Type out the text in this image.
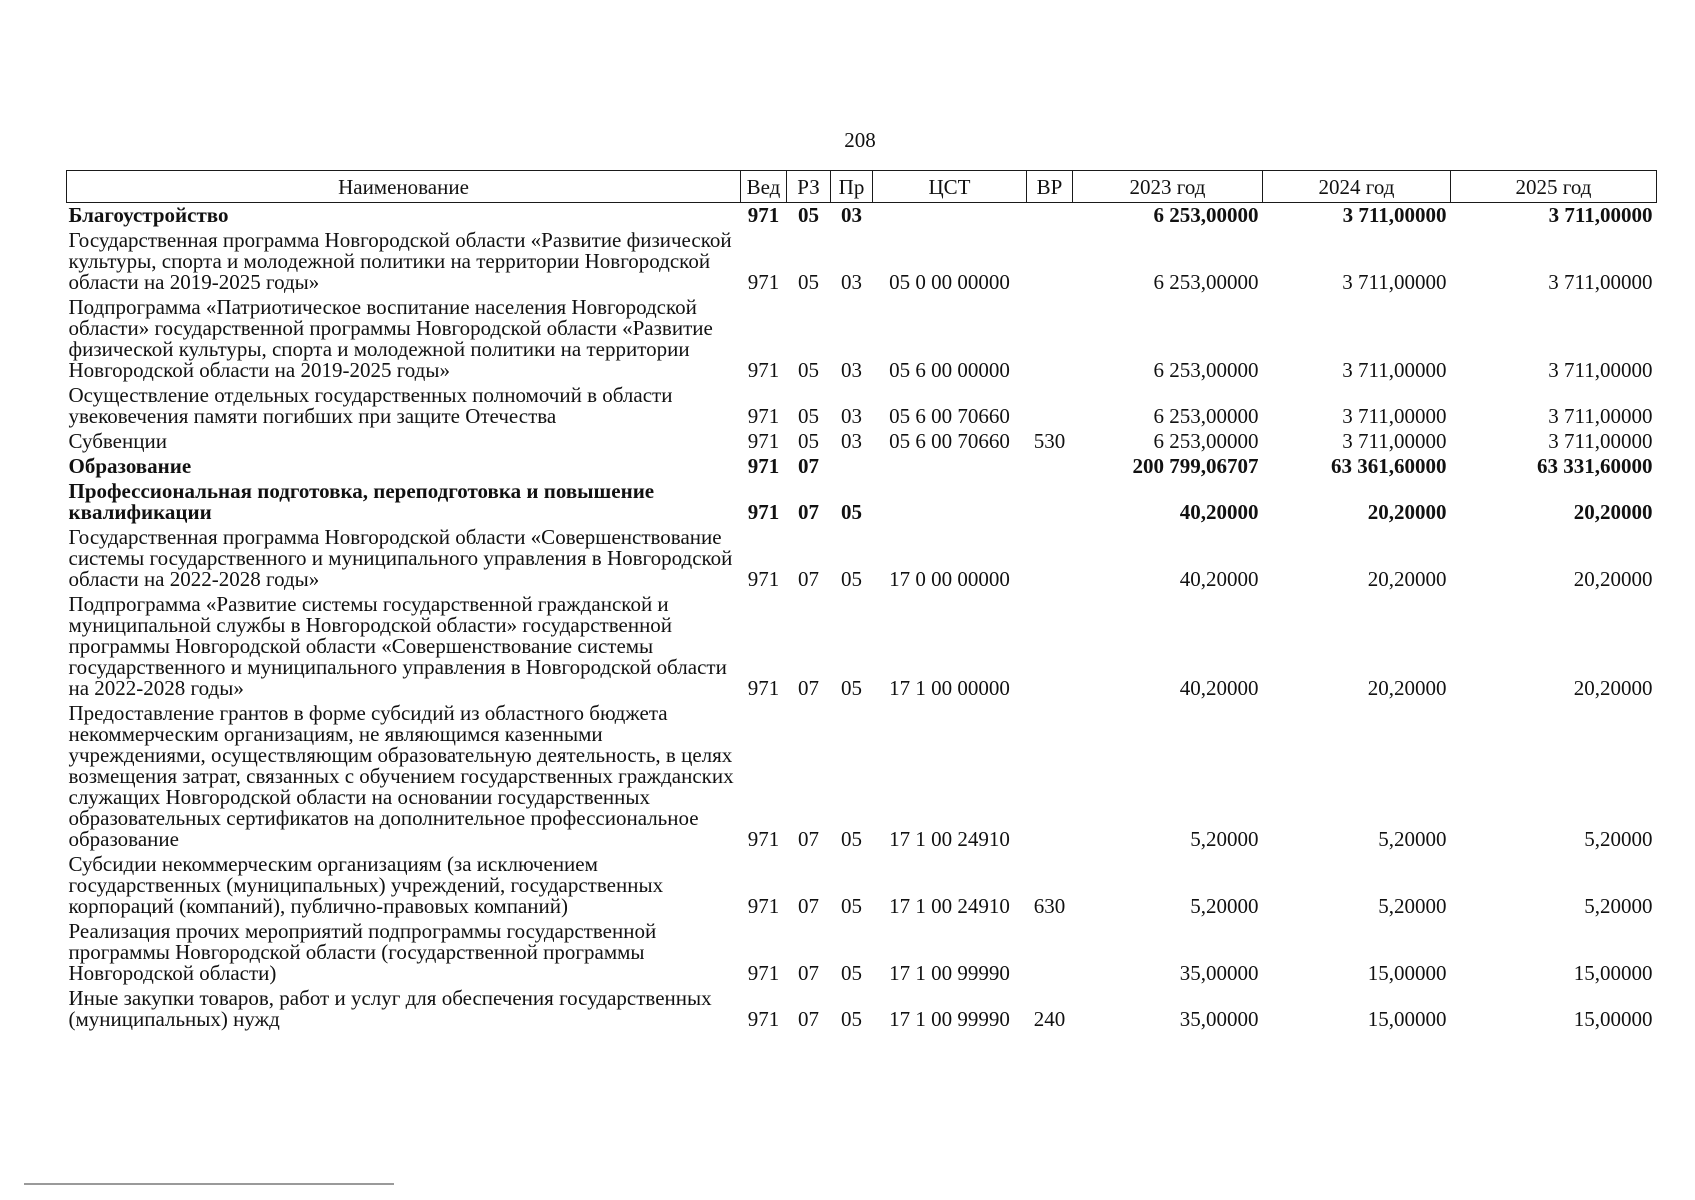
208
Наименование	Вед	РЗ	Пр	ЦСТ	ВР	2023 год	2024 год	2025 год
Благоустройство	971	05	03			6 253,00000	3 711,00000	3 711,00000
Государственная программа Новгородской области «Развитие физической культуры, спорта и молодежной политики на территории Новгородской области на 2019-2025 годы»	971	05	03	05 0 00 00000		6 253,00000	3 711,00000	3 711,00000
Подпрограмма «Патриотическое воспитание населения Новгородской области» государственной программы Новгородской области «Развитие физической культуры, спорта и молодежной политики на территории Новгородской области на 2019-2025 годы»	971	05	03	05 6 00 00000		6 253,00000	3 711,00000	3 711,00000
Осуществление отдельных государственных полномочий в области увековечения памяти погибших при защите Отечества	971	05	03	05 6 00 70660		6 253,00000	3 711,00000	3 711,00000
Субвенции	971	05	03	05 6 00 70660	530	6 253,00000	3 711,00000	3 711,00000
Образование	971	07				200 799,06707	63 361,60000	63 331,60000
Профессиональная подготовка, переподготовка и повышение квалификации	971	07	05			40,20000	20,20000	20,20000
Государственная программа Новгородской области «Совершенствование системы государственного и муниципального управления в Новгородской области на 2022-2028 годы»	971	07	05	17 0 00 00000		40,20000	20,20000	20,20000
Подпрограмма «Развитие системы государственной гражданской и муниципальной службы в Новгородской области» государственной программы Новгородской области «Совершенствование системы государственного и муниципального управления в Новгородской области на 2022-2028 годы»	971	07	05	17 1 00 00000		40,20000	20,20000	20,20000
Предоставление грантов в форме субсидий из областного бюджета некоммерческим организациям, не являющимся казенными учреждениями, осуществляющим образовательную деятельность, в целях возмещения затрат, связанных с обучением государственных гражданских служащих Новгородской области на основании государственных образовательных сертификатов на дополнительное профессиональное образование	971	07	05	17 1 00 24910		5,20000	5,20000	5,20000
Субсидии некоммерческим организациям (за исключением государственных (муниципальных) учреждений, государственных корпораций (компаний), публично-правовых компаний)	971	07	05	17 1 00 24910	630	5,20000	5,20000	5,20000
Реализация прочих мероприятий подпрограммы государственной программы Новгородской области (государственной программы Новгородской области)	971	07	05	17 1 00 99990		35,00000	15,00000	15,00000
Иные закупки товаров, работ и услуг для обеспечения государственных (муниципальных) нужд	971	07	05	17 1 00 99990	240	35,00000	15,00000	15,00000
